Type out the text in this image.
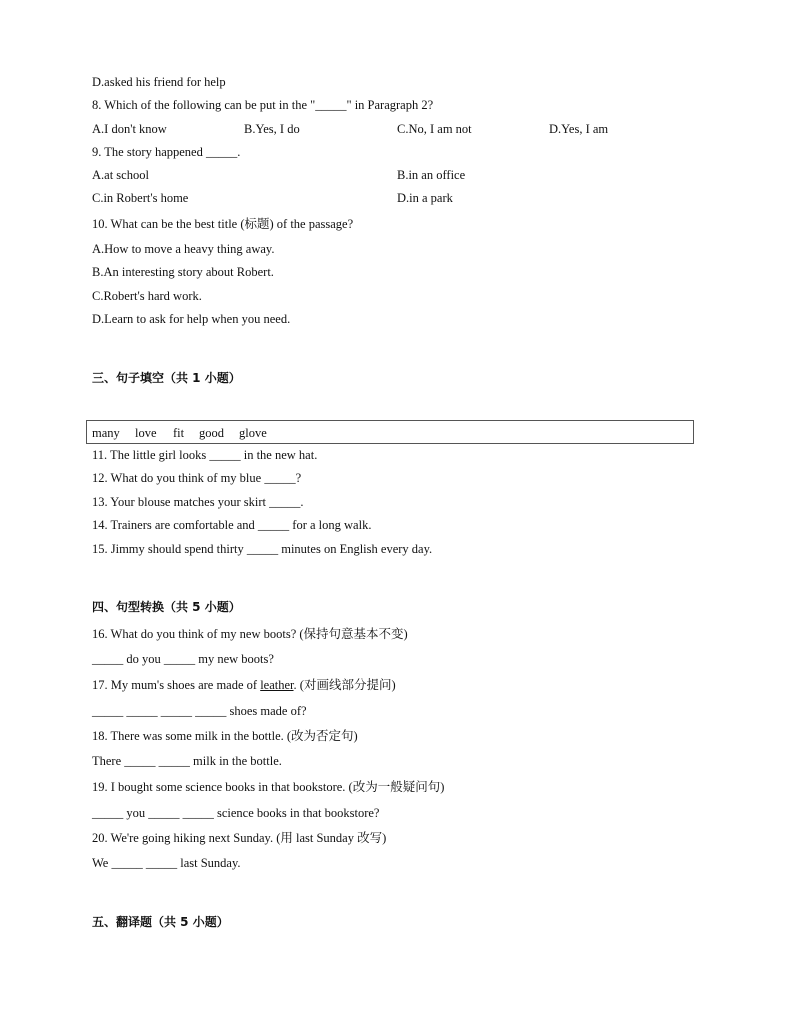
D.asked his friend for help
8. Which of the following can be put in the "_____" in Paragraph 2?
A.I don't know	B.Yes, I do	C.No, I am not	D.Yes, I am
9. The story happened _____.
A.at school	B.in an office
C.in Robert's home	D.in a park
10. What can be the best title (标题) of the passage?
A.How to move a heavy thing away.
B.An interesting story about Robert.
C.Robert's hard work.
D.Learn to ask for help when you need.
三、句子填空（共 1 小题）
many love fit good glove
11. The little girl looks _____ in the new hat.
12. What do you think of my blue _____?
13. Your blouse matches your skirt _____.
14. Trainers are comfortable and _____ for a long walk.
15. Jimmy should spend thirty _____ minutes on English every day.
四、句型转换（共 5 小题）
16. What do you think of my new boots? (保持句意基本不变)
_____ do you _____ my new boots?
17. My mum's shoes are made of leather. (对画线部分提问)
_____ _____ _____ _____ shoes made of?
18. There was some milk in the bottle. (改为否定句)
There _____ _____ milk in the bottle.
19. I bought some science books in that bookstore. (改为一般疑问句)
_____ you _____ _____ science books in that bookstore?
20. We're going hiking next Sunday. (用 last Sunday 改写)
We _____ _____ last Sunday.
五、翻译题（共 5 小题）
